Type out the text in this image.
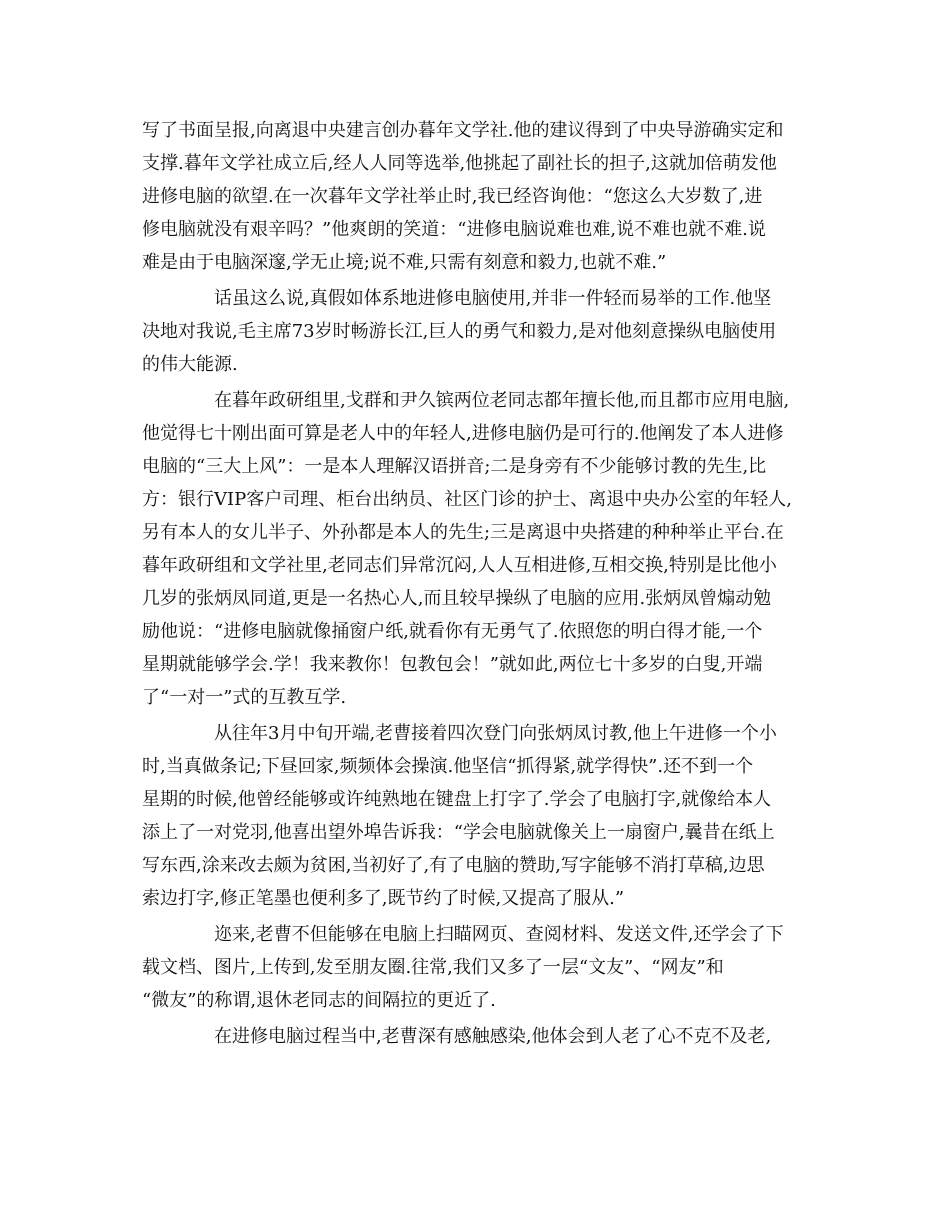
写了书面呈报,向离退中央建言创办暮年文学社.他的建议得到了中央导游确实定和
支撑.暮年文学社成立后,经人人同等选举,他挑起了副社长的担子,这就加倍萌发他
进修电脑的欲望.在一次暮年文学社举止时,我已经咨询他：“您这么大岁数了,进
修电脑就没有艰辛吗？”他爽朗的笑道：“进修电脑说难也难,说不难也就不难.说
难是由于电脑深邃,学无止境;说不难,只需有刻意和毅力,也就不难.”
话虽这么说,真假如体系地进修电脑使用,并非一件轻而易举的工作.他坚
决地对我说,毛主席73岁时畅游长江,巨人的勇气和毅力,是对他刻意操纵电脑使用
的伟大能源.
在暮年政研组里,戈群和尹久镔两位老同志都年擅长他,而且都市应用电脑,
他觉得七十刚出面可算是老人中的年轻人,进修电脑仍是可行的.他阐发了本人进修
电脑的“三大上风”：一是本人理解汉语拼音;二是身旁有不少能够讨教的先生,比
方：银行VIP客户司理、柜台出纳员、社区门诊的护士、离退中央办公室的年轻人,
另有本人的女儿半子、外孙都是本人的先生;三是离退中央搭建的种种举止平台.在
暮年政研组和文学社里,老同志们异常沉闷,人人互相进修,互相交换,特别是比他小
几岁的张炳凤同道,更是一名热心人,而且较早操纵了电脑的应用.张炳凤曾煽动勉
励他说：“进修电脑就像捅窗户纸,就看你有无勇气了.依照您的明白得才能,一个
星期就能够学会.学！我来教你！包教包会！”就如此,两位七十多岁的白叟,开端
了“一对一”式的互教互学.
从往年3月中旬开端,老曹接着四次登门向张炳凤讨教,他上午进修一个小
时,当真做条记;下昼回家,频频体会操演.他坚信“抓得紧,就学得快”.还不到一个
星期的时候,他曾经能够或许纯熟地在键盘上打字了.学会了电脑打字,就像给本人
添上了一对党羽,他喜出望外埠告诉我：“学会电脑就像关上一扇窗户,曩昔在纸上
写东西,涂来改去颇为贫困,当初好了,有了电脑的赞助,写字能够不消打草稿,边思
索边打字,修正笔墨也便利多了,既节约了时候,又提高了服从.”
迩来,老曹不但能够在电脑上扫瞄网页、查阅材料、发送文件,还学会了下
载文档、图片,上传到,发至朋友圈.往常,我们又多了一层“文友”、“网友”和
“微友”的称谓,退休老同志的间隔拉的更近了.
在进修电脑过程当中,老曹深有感触感染,他体会到人老了心不克不及老,
